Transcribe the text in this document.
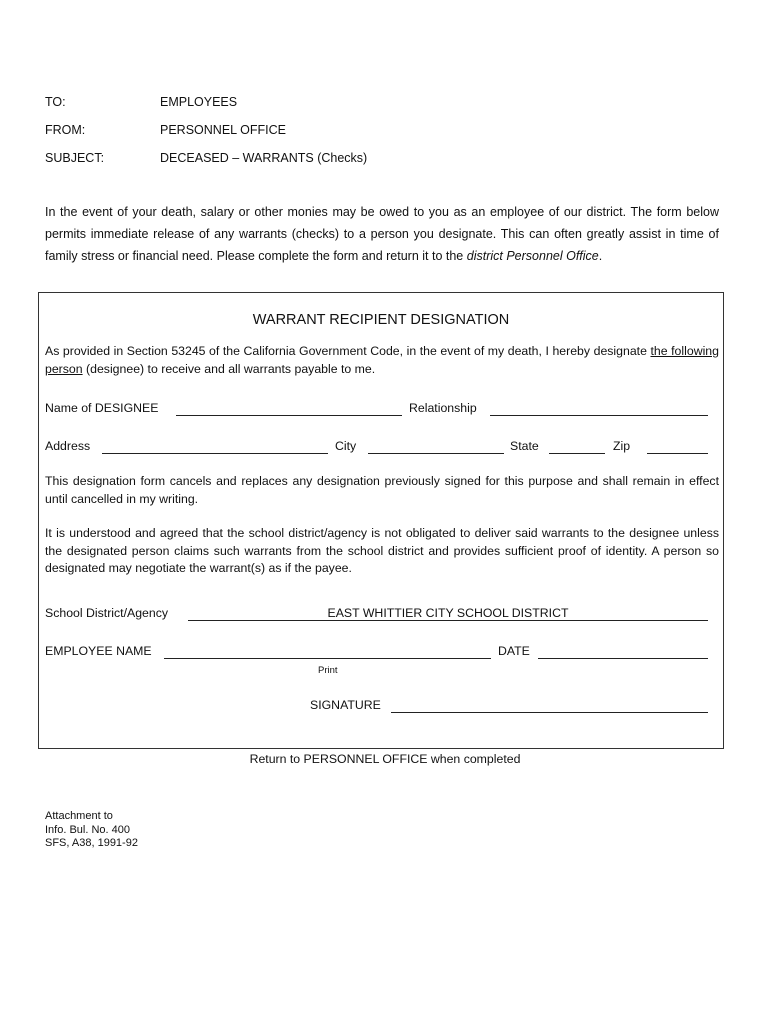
TO:	EMPLOYEES
FROM:	PERSONNEL OFFICE
SUBJECT:	DECEASED – WARRANTS (Checks)

In the event of your death, salary or other monies may be owed to you as an employee of our district. The form below permits immediate release of any warrants (checks) to a person you designate. This can often greatly assist in time of family stress or financial need. Please complete the form and return it to the district Personnel Office.

WARRANT RECIPIENT DESIGNATION

As provided in Section 53245 of the California Government Code, in the event of my death, I hereby designate the following person (designee) to receive and all warrants payable to me.

Name of DESIGNEE	Relationship
Address	City	State	Zip

This designation form cancels and replaces any designation previously signed for this purpose and shall remain in effect until cancelled in my writing.

It is understood and agreed that the school district/agency is not obligated to deliver said warrants to the designee unless the designated person claims such warrants from the school district and provides sufficient proof of identity. A person so designated may negotiate the warrant(s) as if the payee.

School District/Agency	EAST WHITTIER CITY SCHOOL DISTRICT
EMPLOYEE NAME	DATE
Print
SIGNATURE
Return to PERSONNEL OFFICE when completed
Attachment to
Info. Bul. No. 400
SFS, A38, 1991-92
